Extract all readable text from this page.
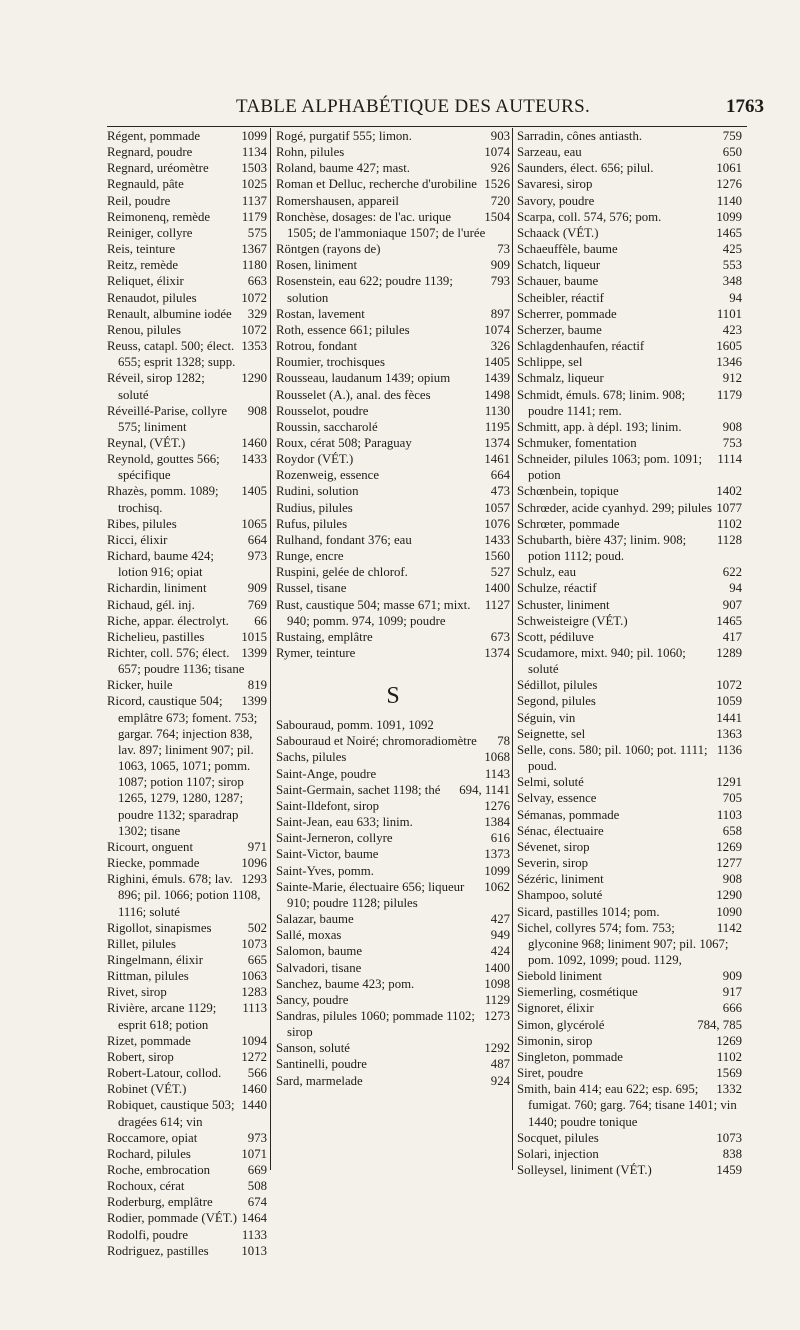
TABLE ALPHABÉTIQUE DES AUTEURS.	1763
1099
Régent, pommade
1134
Regnard, poudre
1503
Regnard, uréomètre
1025
Regnauld, pâte
1137
Reil, poudre
1179
Reimonenq, remède
575
Reiniger, collyre
1367
Reis, teinture
1180
Reitz, remède
663
Reliquet, élixir
1072
Renaudot, pilules
329
Renault, albumine iodée
1072
Renou, pilules
1353
Reuss, catapl. 500; élect. 655; esprit 1328; supp.
1290
Réveil, sirop 1282; soluté
908
Réveillé-Parise, collyre 575; liniment
1460
Reynal, (VÉT.)
1433
Reynold, gouttes 566; spécifique
1405
Rhazès, pomm. 1089; trochisq.
1065
Ribes, pilules
664
Ricci, élixir
973
Richard, baume 424; lotion 916; opiat
909
Richardin, liniment
769
Richaud, gél. inj.
66
Riche, appar. électrolyt.
1015
Richelieu, pastilles
1399
Richter, coll. 576; élect. 657; poudre 1136; tisane
819
Ricker, huile
1399
Ricord, caustique 504; emplâtre 673; foment. 753; gargar. 764; injection 838, lav. 897; liniment 907; pil. 1063, 1065, 1071; pomm. 1087; potion 1107; sirop 1265, 1279, 1280, 1287; poudre 1132; sparadrap 1302; tisane
971
Ricourt, onguent
1096
Riecke, pommade
1293
Righini, émuls. 678; lav. 896; pil. 1066; potion 1108, 1116; soluté
502
Rigollot, sinapismes
1073
Rillet, pilules
665
Ringelmann, élixir
1063
Rittman, pilules
1283
Rivet, sirop
1113
Rivière, arcane 1129; esprit 618; potion
1094
Rizet, pommade
1272
Robert, sirop
566
Robert-Latour, collod.
1460
Robinet (VÉT.)
1440
Robiquet, caustique 503; dragées 614; vin
973
Roccamore, opiat
1071
Rochard, pilules
669
Roche, embrocation
508
Rochoux, cérat
674
Roderburg, emplâtre
1464
Rodier, pommade (VÉT.)
1133
Rodolfi, poudre
1013
Rodriguez, pastilles
903
Rogé, purgatif 555; limon.
1074
Rohn, pilules
926
Roland, baume 427; mast.
1526
Roman et Delluc, recherche d'urobiline
720
Romershausen, appareil
1504
Ronchèse, dosages: de l'ac. urique 1505; de l'ammoniaque 1507; de l'urée
73
Röntgen (rayons de)
909
Rosen, liniment
793
Rosenstein, eau 622; poudre 1139; solution
897
Rostan, lavement
1074
Roth, essence 661; pilules
326
Rotrou, fondant
1405
Roumier, trochisques
1439
Rousseau, laudanum 1439; opium
1498
Rousselet (A.), anal. des fèces
1130
Rousselot, poudre
1195
Roussin, saccharolé
1374
Roux, cérat 508; Paraguay
1461
Roydor (VÉT.)
664
Rozenweig, essence
473
Rudini, solution
1057
Rudius, pilules
1076
Rufus, pilules
1433
Rulhand, fondant 376; eau
1560
Runge, encre
527
Ruspini, gelée de chlorof.
1400
Russel, tisane
1127
Rust, caustique 504; masse 671; mixt. 940; pomm. 974, 1099; poudre
673
Rustaing, emplâtre
1374
Rymer, teinture
S
Sabouraud, pomm. 1091, 1092
78
Sabouraud et Noiré; chromoradiomètre
1068
Sachs, pilules
1143
Saint-Ange, poudre
694, 1141
Saint-Germain, sachet 1198; thé
1276
Saint-Ildefont, sirop
1384
Saint-Jean, eau 633; linim.
616
Saint-Jerneron, collyre
1373
Saint-Victor, baume
1099
Saint-Yves, pomm.
1062
Sainte-Marie, électuaire 656; liqueur 910; poudre 1128; pilules
427
Salazar, baume
949
Sallé, moxas
424
Salomon, baume
1400
Salvadori, tisane
1098
Sanchez, baume 423; pom.
1129
Sancy, poudre
1273
Sandras, pilules 1060; pommade 1102; sirop
1292
Sanson, soluté
487
Santinelli, poudre
924
Sard, marmelade
759
Sarradin, cônes antiasth.
650
Sarzeau, eau
1061
Saunders, élect. 656; pilul.
1276
Savaresi, sirop
1140
Savory, poudre
1099
Scarpa, coll. 574, 576; pom.
1465
Schaack (VÉT.)
425
Schaeuffèle, baume
553
Schatch, liqueur
348
Schauer, baume
94
Scheibler, réactif
1101
Scherrer, pommade
423
Scherzer, baume
1605
Schlagdenhaufen, réactif
1346
Schlippe, sel
912
Schmalz, liqueur
1179
Schmidt, émuls. 678; linim. 908; poudre 1141; rem.
908
Schmitt, app. à dépl. 193; linim.
753
Schmuker, fomentation
1114
Schneider, pilules 1063; pom. 1091; potion
1402
Schœnbein, topique
1077
Schrœder, acide cyanhyd. 299; pilules
1102
Schrœter, pommade
1128
Schubarth, bière 437; linim. 908; potion 1112; poud.
622
Schulz, eau
94
Schulze, réactif
907
Schuster, liniment
1465
Schweisteigre (VÉT.)
417
Scott, pédiluve
1289
Scudamore, mixt. 940; pil. 1060; soluté
1072
Sédillot, pilules
1059
Segond, pilules
1441
Séguin, vin
1363
Seignette, sel
1136
Selle, cons. 580; pil. 1060; pot. 1111; poud.
1291
Selmi, soluté
705
Selvay, essence
1103
Sémanas, pommade
658
Sénac, électuaire
1269
Sévenet, sirop
1277
Severin, sirop
908
Sézéric, liniment
1290
Shampoo, soluté
1090
Sicard, pastilles 1014; pom.
1142
Sichel, collyres 574; fom. 753; glyconine 968; liniment 907; pil. 1067; pom. 1092, 1099; poud. 1129,
909
Siebold liniment
917
Siemerling, cosmétique
666
Signoret, élixir
784, 785
Simon, glycérolé
1269
Simonin, sirop
1102
Singleton, pommade
1569
Siret, poudre
1332
Smith, bain 414; eau 622; esp. 695; fumigat. 760; garg. 764; tisane 1401; vin 1440; poudre tonique
1073
Socquet, pilules
838
Solari, injection
1459
Solleysel, liniment (VÉT.)
